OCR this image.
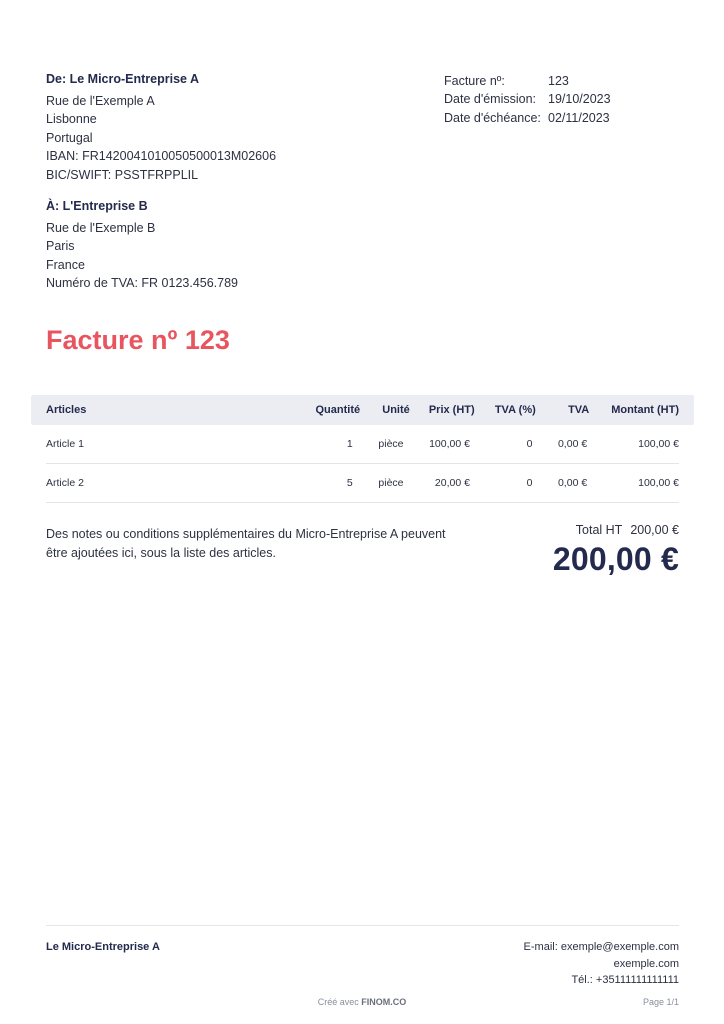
De: Le Micro-Entreprise A
Rue de l'Exemple A
Lisbonne
Portugal
IBAN: FR1420041010050500013M02606
BIC/SWIFT: PSSTFRPPLIL
À: L'Entreprise B
Rue de l'Exemple B
Paris
France
Numéro de TVA: FR 0123.456.789
Facture nº:	123
Date d'émission: 19/10/2023
Date d'échéance: 02/11/2023
Facture nº 123
Articles	Quantité	Unité	Prix (HT)	TVA (%)	TVA	Montant (HT)
Article 1	1	pièce	100,00 €	0	0,00 €	100,00 €
Article 2	5	pièce	20,00 €	0	0,00 €	100,00 €
Des notes ou conditions supplémentaires du Micro-Entreprise A peuvent
être ajoutées ici, sous la liste des articles.
Total HT 200,00 €
200,00 €
Le Micro-Entreprise A	E-mail: exemple@exemple.com
exemple.com
Tél.: +35111111111111
Créé avec FINOM.CO	Page 1/1
